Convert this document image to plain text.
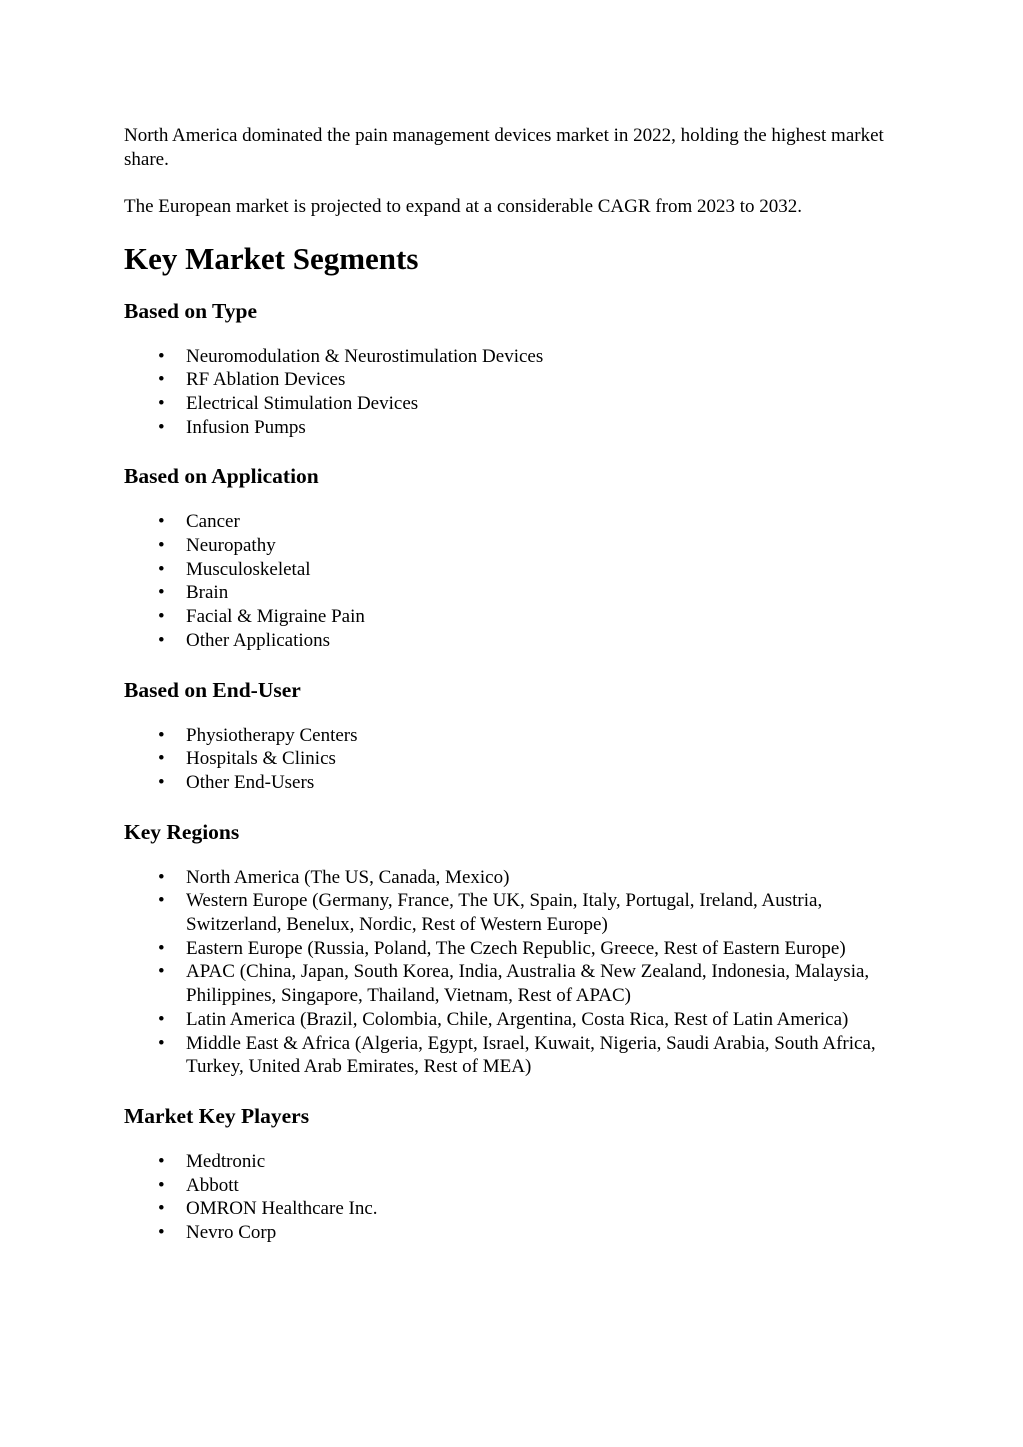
North America dominated the pain management devices market in 2022, holding the highest market share.

The European market is projected to expand at a considerable CAGR from 2023 to 2032.

Key Market Segments
Based on Type
• Neuromodulation & Neurostimulation Devices
• RF Ablation Devices
• Electrical Stimulation Devices
• Infusion Pumps
Based on Application
• Cancer
• Neuropathy
• Musculoskeletal
• Brain
• Facial & Migraine Pain
• Other Applications
Based on End-User
• Physiotherapy Centers
• Hospitals & Clinics
• Other End-Users
Key Regions
• North America (The US, Canada, Mexico)
• Western Europe (Germany, France, The UK, Spain, Italy, Portugal, Ireland, Austria, Switzerland, Benelux, Nordic, Rest of Western Europe)
• Eastern Europe (Russia, Poland, The Czech Republic, Greece, Rest of Eastern Europe)
• APAC (China, Japan, South Korea, India, Australia & New Zealand, Indonesia, Malaysia, Philippines, Singapore, Thailand, Vietnam, Rest of APAC)
• Latin America (Brazil, Colombia, Chile, Argentina, Costa Rica, Rest of Latin America)
• Middle East & Africa (Algeria, Egypt, Israel, Kuwait, Nigeria, Saudi Arabia, South Africa, Turkey, United Arab Emirates, Rest of MEA)
Market Key Players
• Medtronic
• Abbott
• OMRON Healthcare Inc.
• Nevro Corp
